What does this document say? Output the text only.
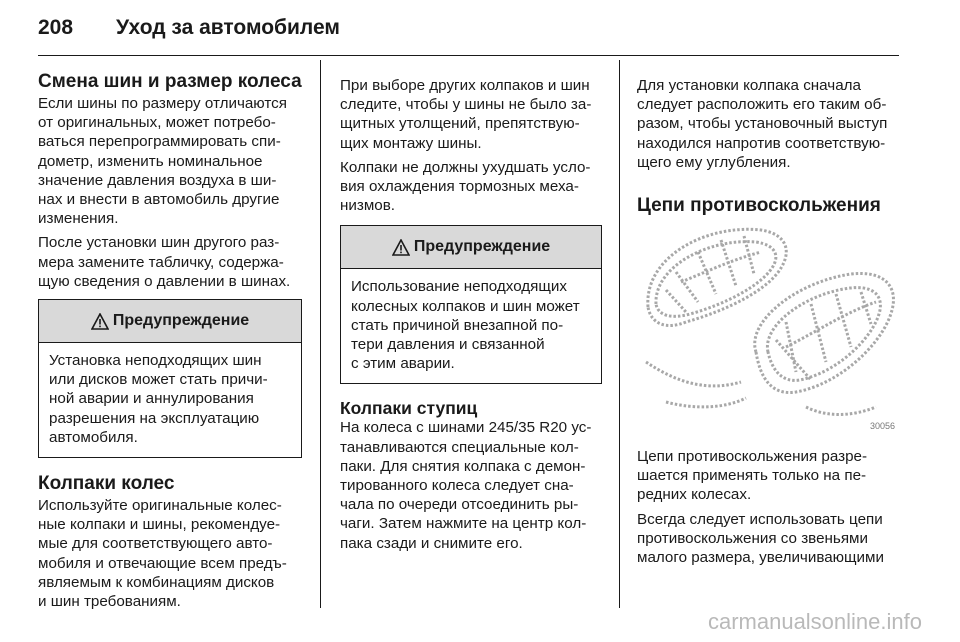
208 Уход за автомобилем
Смена шин и размер колеса

Если шины по размеру отличаются
от оригинальных, может потребо-
ваться перепрограммировать спи-
дометр, изменить номинальное
значение давления воздуха в ши-
нах и внести в автомобиль другие
изменения.

После установки шин другого раз-
мера замените табличку, содержа-
щую сведения о давлении в шинах.

Предупреждение
Установка неподходящих шин
или дисков может стать причи-
ной аварии и аннулирования
разрешения на эксплуатацию
автомобиля.
Колпаки колес

Используйте оригинальные колес-
ные колпаки и шины, рекомендуе-
мые для соответствующего авто-
мобиля и отвечающие всем предъ-
являемым к комбинациям дисков
и шин требованиям.

При выборе других колпаков и шин
следите, чтобы у шины не было за-
щитных утолщений, препятствую-
щих монтажу шины.

Колпаки не должны ухудшать усло-
вия охлаждения тормозных меха-
низмов.

Предупреждение
Использование неподходящих
колесных колпаков и шин может
стать причиной внезапной по-
тери давления и связанной
с этим аварии.
Колпаки ступиц

На колеса с шинами 245/35 R20 ус-
танавливаются специальные кол-
паки. Для снятия колпака с демон-
тированного колеса следует сна-
чала по очереди отсоединить ры-
чаги. Затем нажмите на центр кол-
пака сзади и снимите его.

Для установки колпака сначала
следует расположить его таким об-
разом, чтобы установочный выступ
находился напротив соответствую-
щего ему углубления.

Цепи противоскольжения
30056

Цепи противоскольжения разре-
шается применять только на пе-
редних колесах.

Всегда следует использовать цепи
противоскольжения со звеньями
малого размера, увеличивающими

carmanualsonline.info
